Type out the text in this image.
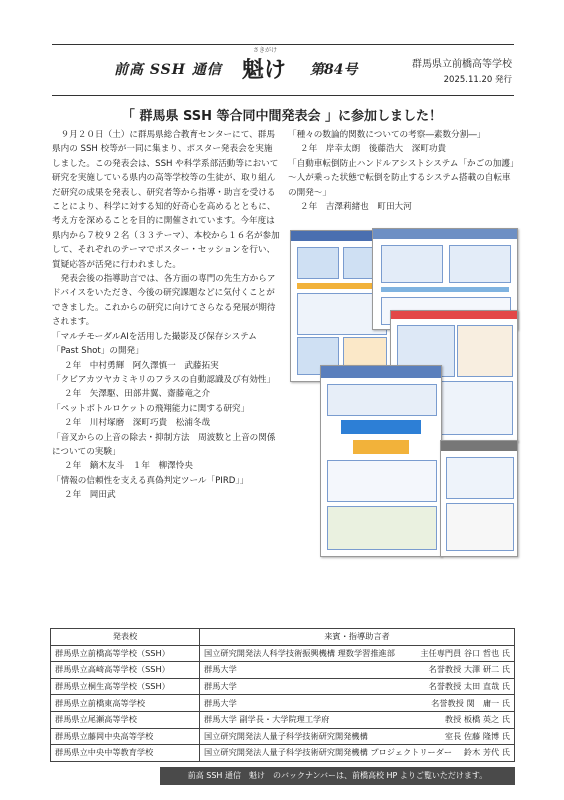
前高 SSH 通信
さきがけ
魁け 第84号	群馬県立前橋高等学校
2025.11.20 発行
「 群馬県 SSH 等合同中間発表会 」に参加しました！

９月２０日（土）に群馬県総合教育センターにて、群馬県内の SSH 校等が一同に集まり、ポスター発表会を実施しました。この発表会は、SSH や科学系部活動等において研究を実施している県内の高等学校等の生徒が、取り組んだ研究の成果を発表し、研究者等から指導・助言を受けることにより、科学に対する知的好奇心を高めるとともに、考え方を深めることを目的に開催されています。今年度は県内から７校９２名（３３テーマ）、本校から１６名が参加して、それぞれのテーマでポスター・セッションを行い、質疑応答が活発に行われました。

発表会後の指導助言では、各方面の専門の先生方からアドバイスをいただき、今後の研究課題などに気付くことができました。これからの研究に向けてさらなる発展が期待されます。

「マルチモーダルAIを活用した撮影及び保存システム「Past Shot」の開発」

２年　中村勇輝　阿久澤慎一　武藤拓実

「クビアカツヤカミキリのフラスの自動認識及び有効性」

２年　矢澤駆、田部井翼、齋藤竜之介

「ペットボトルロケットの飛翔能力に関する研究」

２年　川村塚磨　深町巧貴　松浦冬哉

「音叉からの上音の除去・抑制方法　周波数と上音の関係についての実験」

２年　鏑木友斗　１年　柳澤怜央

「情報の信頼性を支える真偽判定ツール「PIRD」」

２年　岡田武

「種々の数論的関数についての考察―素数分割―」

２年　岸幸太朗　後藤浩大　深町功貴

「自動車転倒防止ハンドルアシストシステム「かごの加護」～人が乗った状態で転倒を防止するシステム搭載の自転車の開発～」

２年　吉澤莉緒也　町田大河

発表校	来賓・指導助言者
群馬県立前橋高等学校（SSH）	国立研究開発法人科学技術振興機構 理数学習推進部 主任専門員 谷口 哲也 氏

群馬県立高崎高等学校（SSH）	群馬大学 名誉教授 大澤 研二 氏

群馬県立桐生高等学校（SSH）	群馬大学 名誉教授 太田 直哉 氏

群馬県立前橋東高等学校	群馬大学 名誉教授 関　庸一 氏

群馬県立尾瀬高等学校	群馬大学 副学長・大学院理工学府 教授 板橋 英之 氏

群馬県立藤岡中央高等学校	国立研究開発法人量子科学技術研究開発機構 室長 佐藤 隆博 氏

群馬県立中央中等教育学校	国立研究開発法人量子科学技術研究開発機構 プロジェクトリーダー 鈴木 芳代 氏
前高 SSH 通信　魁け　のバックナンバーは、前橋高校 HP よりご覧いただけます。
